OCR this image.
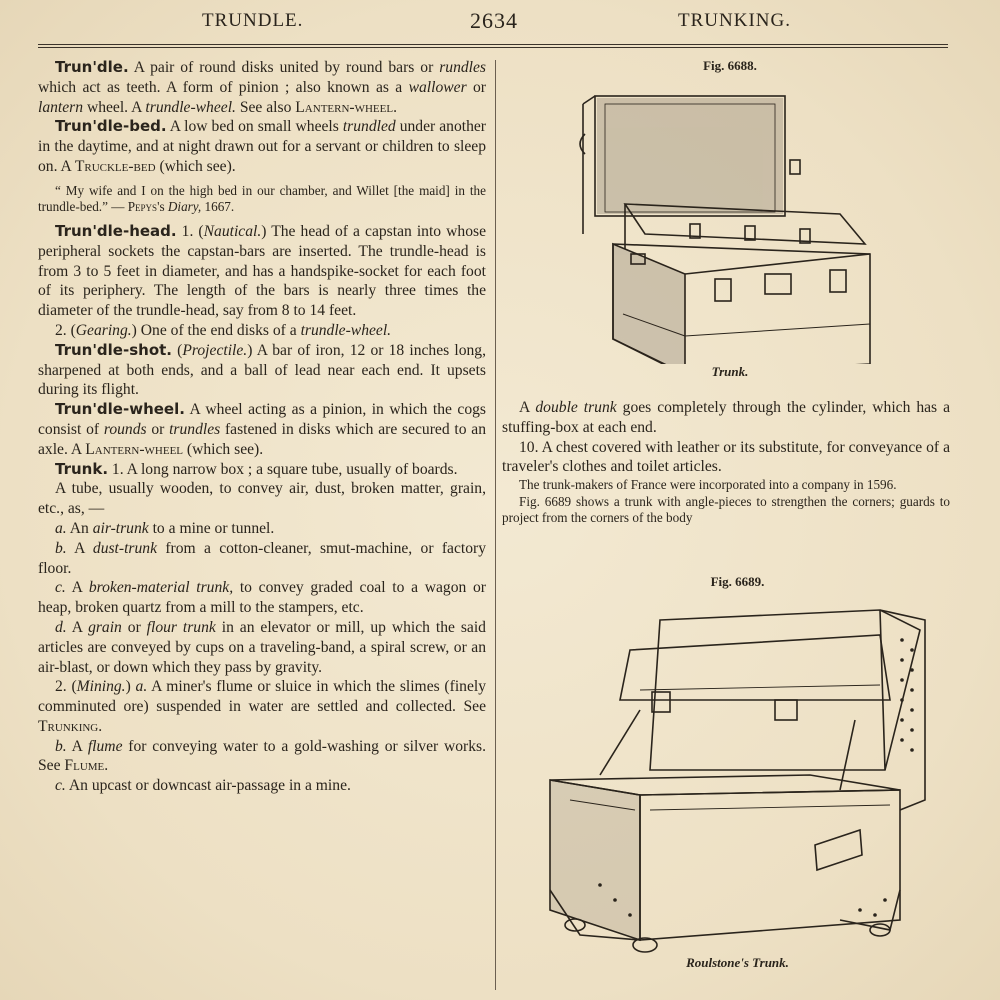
TRUNDLE.	2634	TRUNKING.

Trun'dle. A pair of round disks united by round bars or rundles which act as teeth. A form of pinion ; also known as a wallower or lantern wheel. A trundle-wheel. See also Lantern-wheel.

Trun'dle-bed. A low bed on small wheels trundled under another in the daytime, and at night drawn out for a servant or children to sleep on. A Truckle-bed (which see).

“ My wife and I on the high bed in our chamber, and Willet [the maid] in the trundle-bed.” — Pepys's Diary, 1667.

Trun'dle-head. 1. (Nautical.) The head of a capstan into whose peripheral sockets the capstan-bars are inserted. The trundle-head is from 3 to 5 feet in diameter, and has a handspike-socket for each foot of its periphery. The length of the bars is nearly three times the diameter of the trundle-head, say from 8 to 14 feet.

2. (Gearing.) One of the end disks of a trundle-wheel.

Trun'dle-shot. (Projectile.) A bar of iron, 12 or 18 inches long, sharpened at both ends, and a ball of lead near each end. It upsets during its flight.

Trun'dle-wheel. A wheel acting as a pinion, in which the cogs consist of rounds or trundles fastened in disks which are secured to an axle. A Lantern-wheel (which see).

Trunk. 1. A long narrow box ; a square tube, usually of boards.

A tube, usually wooden, to convey air, dust, broken matter, grain, etc., as, —

a. An air-trunk to a mine or tunnel.

b. A dust-trunk from a cotton-cleaner, smut-machine, or factory floor.

c. A broken-material trunk, to convey graded coal to a wagon or heap, broken quartz from a mill to the stampers, etc.

d. A grain or flour trunk in an elevator or mill, up which the said articles are conveyed by cups on a traveling-band, a spiral screw, or an air-blast, or down which they pass by gravity.

2. (Mining.) a. A miner's flume or sluice in which the slimes (finely comminuted ore) suspended in water are settled and collected. See Trunking.

b. A flume for conveying water to a gold-washing or silver works. See Flume.

c. An upcast or downcast air-passage in a mine.

Fig. 6688.
Trunk.

A double trunk goes completely through the cylinder, which has a stuffing-box at each end.

10. A chest covered with leather or its substitute, for conveyance of a traveler's clothes and toilet articles.

The trunk-makers of France were incorporated into a company in 1596.

Fig. 6689 shows a trunk with angle-pieces to strengthen the corners; guards to project from the corners of the body

Fig. 6689.
Roulstone's Trunk.
